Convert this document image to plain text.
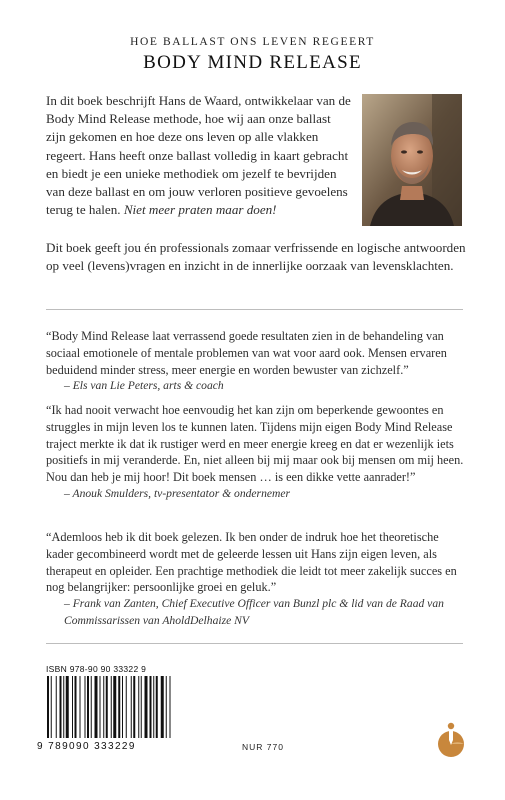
HOE BALLAST ONS LEVEN REGEERT
BODY MIND RELEASE
In dit boek beschrijft Hans de Waard, ontwikkelaar van de Body Mind Release methode, hoe wij aan onze ballast zijn gekomen en hoe deze ons leven op alle vlakken regeert. Hans heeft onze ballast volledig in kaart gebracht en biedt je een unieke methodiek om jezelf te bevrijden van deze ballast en om jouw verloren positieve gevoelens terug te halen. Niet meer praten maar doen!
Dit boek geeft jou én professionals zomaar verfrissende en logische antwoorden op veel (levens)vragen en inzicht in de innerlijke oorzaak van levensklachten.

“Body Mind Release laat verrassend goede resultaten zien in de behandeling van sociaal emotionele of mentale problemen van wat voor aard ook. Mensen ervaren beduidend minder stress, meer energie en worden bewuster van zichzelf.”

– Els van Lie Peters, arts & coach

“Ik had nooit verwacht hoe eenvoudig het kan zijn om beperkende gewoontes en struggles in mijn leven los te kunnen laten. Tijdens mijn eigen Body Mind Release traject merkte ik dat ik rustiger werd en meer energie kreeg en dat er wezenlijk iets positiefs in mij veranderde. En, niet alleen bij mij maar ook bij mensen om mij heen. Nou dan heb je mij hoor! Dit boek mensen … is een dikke vette aanrader!”

– Anouk Smulders, tv-presentator & ondernemer

“Ademloos heb ik dit boek gelezen. Ik ben onder de indruk hoe het theoretische kader gecombineerd wordt met de geleerde lessen uit Hans zijn eigen leven, als therapeut en opleider. Een prachtige methodiek die leidt tot meer zakelijk succes en nog belangrijker: persoonlijke groei en geluk.”

– Frank van Zanten, Chief Executive Officer van Bunzl plc & lid van de Raad van Commissarissen van AholdDelhaize NV
ISBN 978-90 90 33322 9
9 789090 333229	NUR 770
